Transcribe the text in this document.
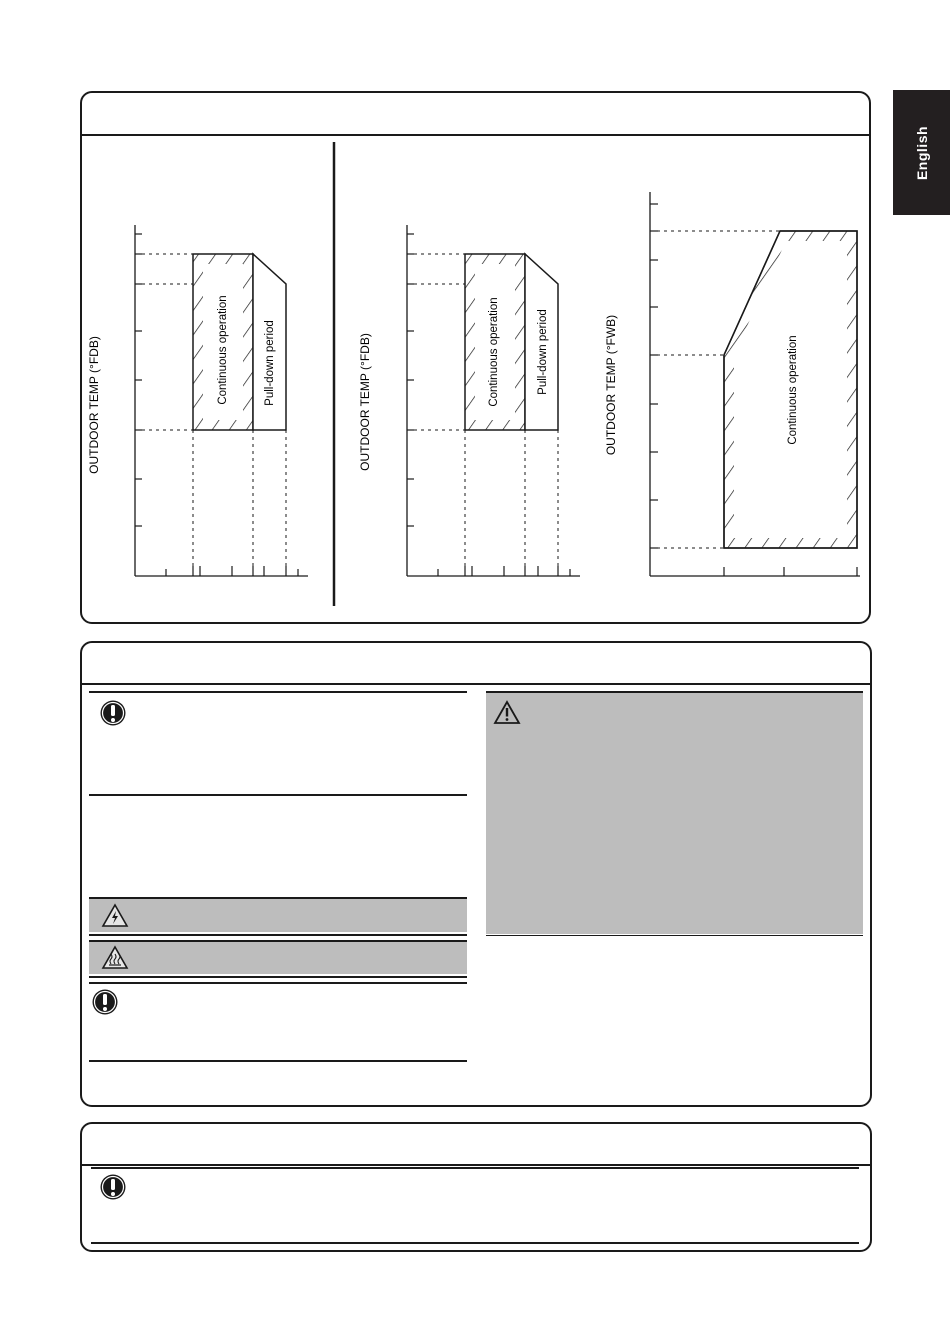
English
OUTDOOR TEMP (°FDB)	Continuous operation	Pull-down period	OUTDOOR TEMP (°FDB)	Continuous operation	Pull-down period	OUTDOOR TEMP (°FWB)	Continuous operation
